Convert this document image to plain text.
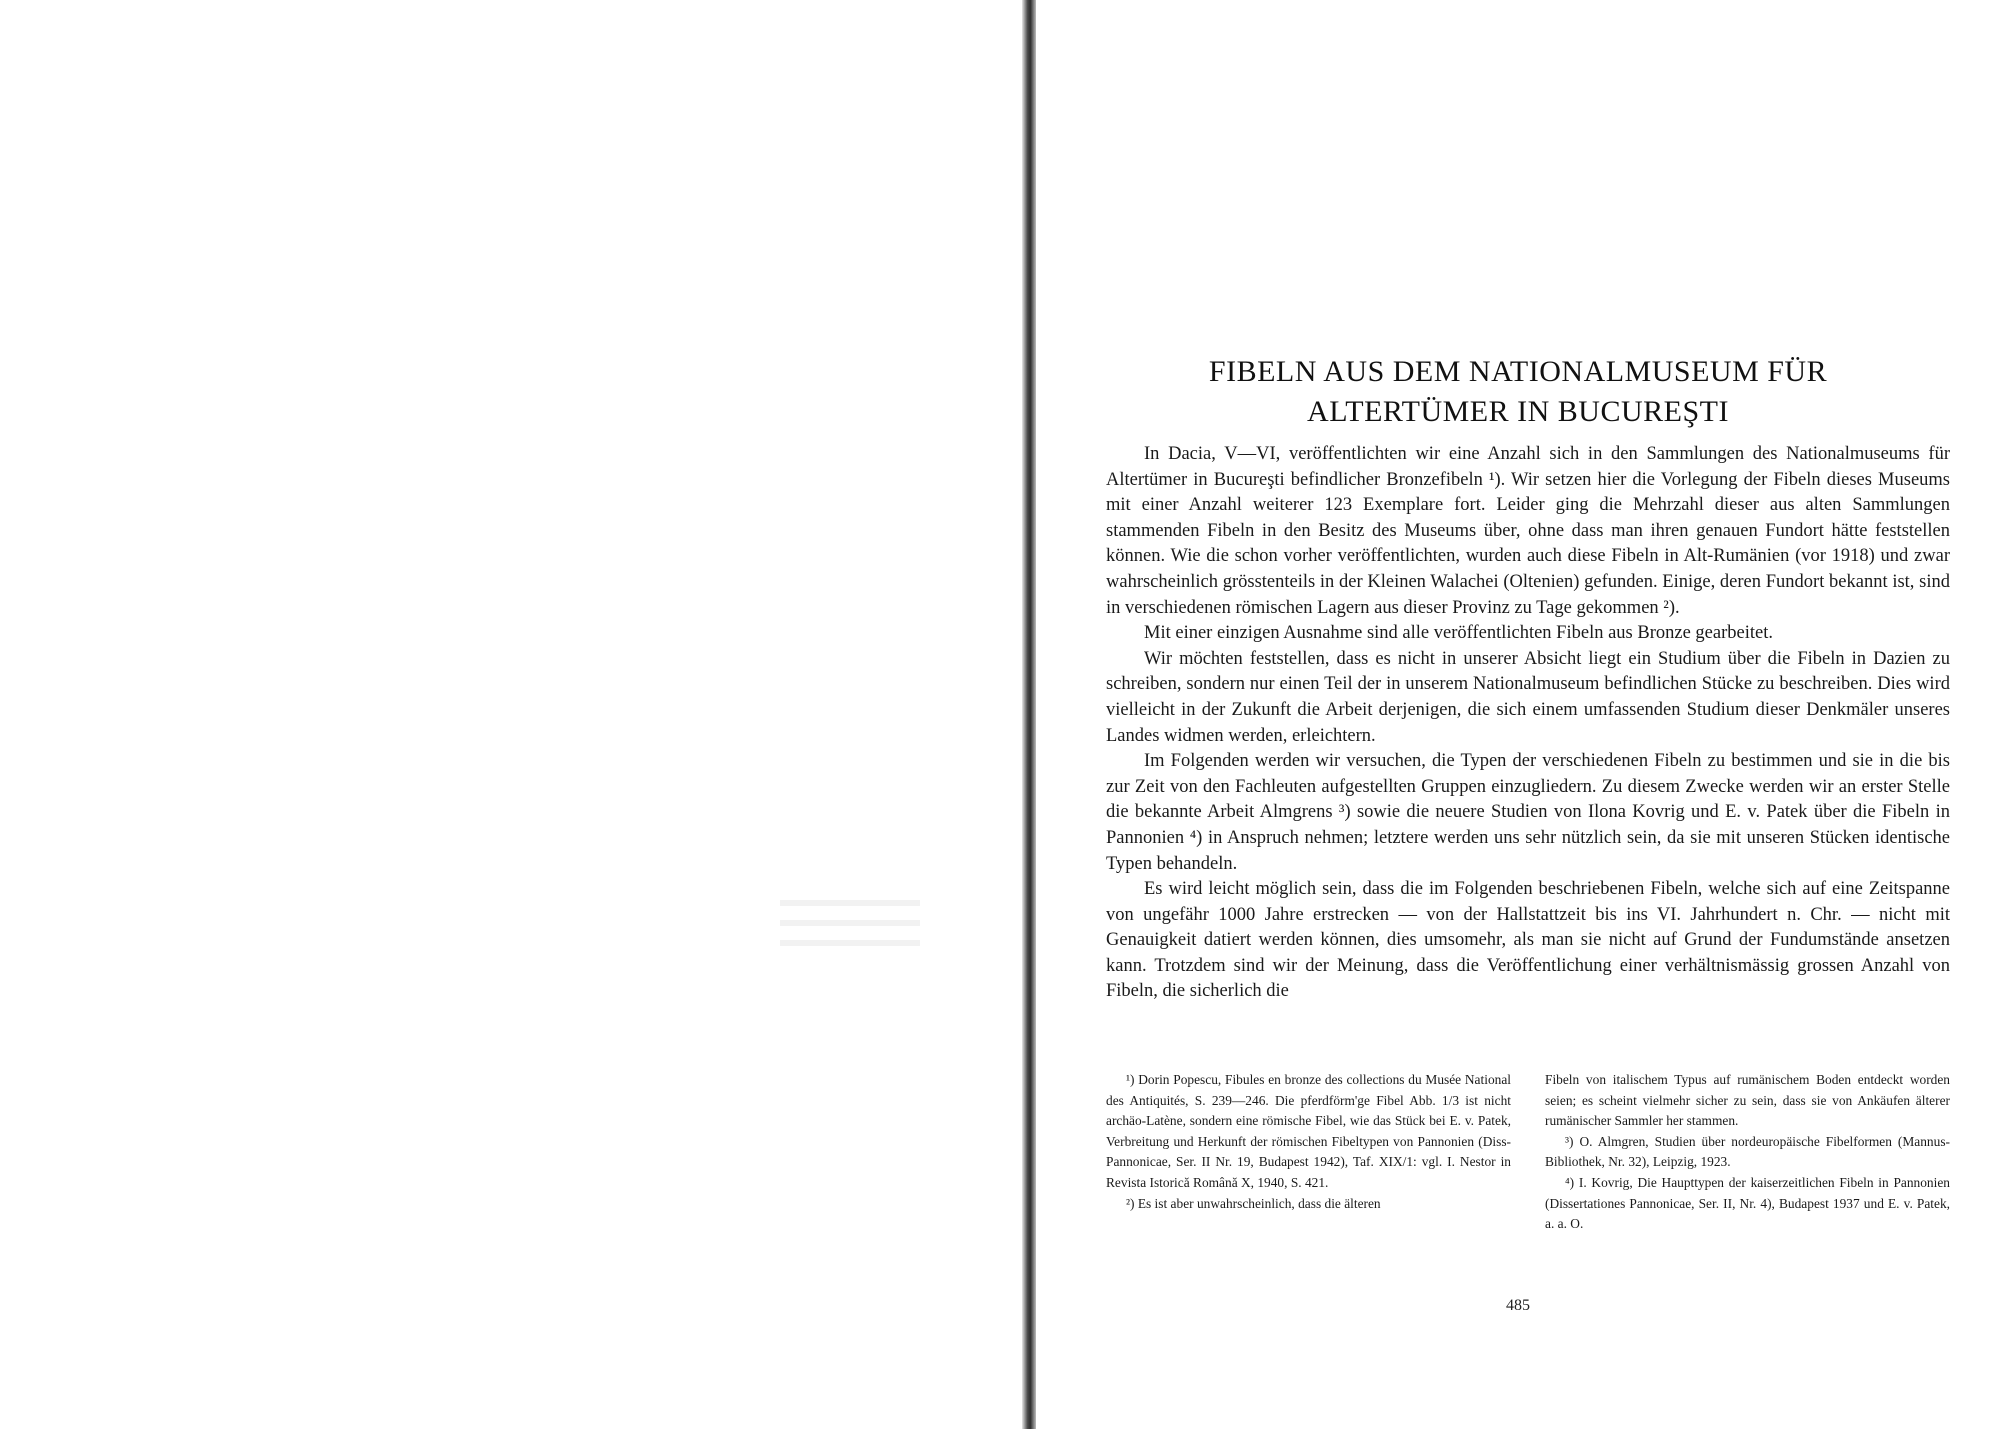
FIBELN AUS DEM NATIONALMUSEUM FÜR
ALTERTÜMER IN BUCUREŞTI

In Dacia, V—VI, veröffentlichten wir eine Anzahl sich in den Sammlungen des Nationalmuseums für Altertümer in Bucureşti befindlicher Bronzefibeln ¹). Wir setzen hier die Vorlegung der Fibeln dieses Museums mit einer Anzahl weiterer 123 Exemplare fort. Leider ging die Mehrzahl dieser aus alten Sammlungen stammenden Fibeln in den Besitz des Museums über, ohne dass man ihren genauen Fundort hätte feststellen können. Wie die schon vorher veröffentlichten, wurden auch diese Fibeln in Alt-Rumänien (vor 1918) und zwar wahrscheinlich grösstenteils in der Kleinen Walachei (Oltenien) gefunden. Einige, deren Fundort bekannt ist, sind in verschiedenen römischen Lagern aus dieser Provinz zu Tage gekommen ²).

Mit einer einzigen Ausnahme sind alle veröffentlichten Fibeln aus Bronze gearbeitet.

Wir möchten feststellen, dass es nicht in unserer Absicht liegt ein Studium über die Fibeln in Dazien zu schreiben, sondern nur einen Teil der in unserem Nationalmuseum befindlichen Stücke zu beschreiben. Dies wird vielleicht in der Zukunft die Arbeit derjenigen, die sich einem umfassenden Studium dieser Denkmäler unseres Landes widmen werden, erleichtern.

Im Folgenden werden wir versuchen, die Typen der verschiedenen Fibeln zu bestimmen und sie in die bis zur Zeit von den Fachleuten aufgestellten Gruppen einzugliedern. Zu diesem Zwecke werden wir an erster Stelle die bekannte Arbeit Almgrens ³) sowie die neuere Studien von Ilona Kovrig und E. v. Patek über die Fibeln in Pannonien ⁴) in Anspruch nehmen; letztere werden uns sehr nützlich sein, da sie mit unseren Stücken identische Typen behandeln.

Es wird leicht möglich sein, dass die im Folgenden beschriebenen Fibeln, welche sich auf eine Zeitspanne von ungefähr 1000 Jahre erstrecken — von der Hallstattzeit bis ins VI. Jahrhundert n. Chr. — nicht mit Genauigkeit datiert werden können, dies umsomehr, als man sie nicht auf Grund der Fundumstände ansetzen kann. Trotzdem sind wir der Meinung, dass die Veröffentlichung einer verhältnismässig grossen Anzahl von Fibeln, die sicherlich die

¹) Dorin Popescu, Fibules en bronze des collections du Musée National des Antiquités, S. 239—246. Die pferdförm'ge Fibel Abb. 1/3 ist nicht archäo-Latène, sondern eine römische Fibel, wie das Stück bei E. v. Patek, Verbreitung und Herkunft der römischen Fibeltypen von Pannonien (Diss-Pannonicae, Ser. II Nr. 19, Budapest 1942), Taf. XIX/1: vgl. I. Nestor in Revista Istorică Română X, 1940, S. 421.

²) Es ist aber unwahrscheinlich, dass die älteren

Fibeln von italischem Typus auf rumänischem Boden entdeckt worden seien; es scheint vielmehr sicher zu sein, dass sie von Ankäufen älterer rumänischer Sammler her stammen.

³) O. Almgren, Studien über nordeuropäische Fibelformen (Mannus-Bibliothek, Nr. 32), Leipzig, 1923.

⁴) I. Kovrig, Die Haupttypen der kaiserzeitlichen Fibeln in Pannonien (Dissertationes Pannonicae, Ser. II, Nr. 4), Budapest 1937 und E. v. Patek, a. a. O.

485
